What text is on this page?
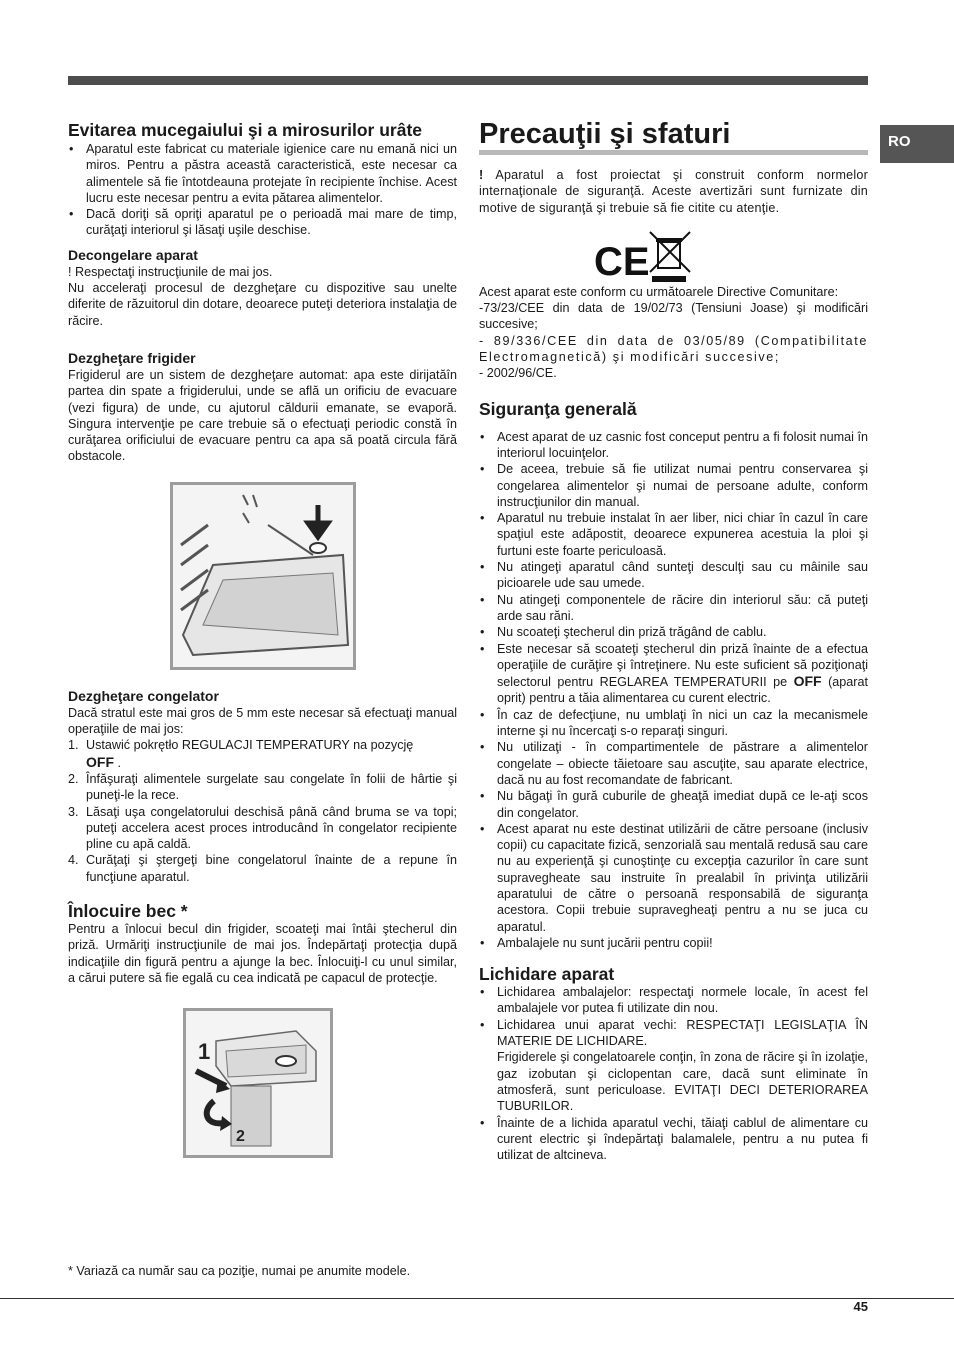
RO
Evitarea mucegaiului şi a mirosurilor urâte
• Aparatul este fabricat cu materiale igienice care nu emană nici un miros. Pentru a păstra această caracteristică, este necesar ca alimentele să fie întotdeauna protejate în recipiente închise. Acest lucru este necesar pentru a evita pătarea alimentelor.
• Dacă doriţi să opriţi aparatul pe o perioadă mai mare de timp, curăţaţi interiorul şi lăsaţi uşile deschise.
Decongelare aparat

! Respectaţi instrucţiunile de mai jos.

Nu acceleraţi procesul de dezgheţare cu dispozitive sau unelte diferite de răzuitorul din dotare, deoarece puteţi deteriora instalaţia de răcire.

Dezgheţare frigider

Frigiderul are un sistem de dezgheţare automat: apa este dirijatăîn partea din spate a frigiderului, unde se află un orificiu de evacuare (vezi figura) de unde, cu ajutorul căldurii emanate, se evaporă. Singura intervenţie pe care trebuie să o efectuaţi periodic constă în curăţarea orificiului de evacuare pentru ca apa să poată circula fără obstacole.

Dezgheţare congelator

Dacă stratul este mai gros de 5 mm este necesar să efectuaţi manual operaţiile de mai jos:

1. Ustawić pokrętło REGULACJI TEMPERATURY na pozycję
OFF .
2. Înfăşuraţi alimentele surgelate sau congelate în folii de hârtie şi puneţi-le la rece.
3. Lăsaţi uşa congelatorului deschisă până când bruma se va topi; puteţi accelera acest proces introducând în congelator recipiente pline cu apă caldă.
4. Curăţaţi şi ştergeţi bine congelatorul înainte de a repune în funcţiune aparatul.
Înlocuire bec *

Pentru a înlocui becul din frigider, scoateţi mai întâi ştecherul din priză. Urmăriţi instrucţiunile de mai jos. Îndepărtaţi protecţia după indicaţiile din figură pentru a ajunge la bec. Înlocuiţi-l cu unul similar, a cărui putere să fie egală cu cea indicată pe capacul de protecţie.

1
2
Precauţii şi sfaturi

! Aparatul a fost proiectat şi construit conform normelor internaţionale de siguranţă. Aceste avertizări sunt furnizate din motive de siguranţă şi trebuie să fie citite cu atenţie.

CE

Acest aparat este conform cu următoarele Directive Comunitare:

-73/23/CEE din data de 19/02/73 (Tensiuni Joase) şi modificări succesive;

- 89/336/CEE din data de 03/05/89 (Compatibilitate Electromagnetică) şi modificări succesive;

- 2002/96/CE.

Siguranţa generală
• Acest aparat de uz casnic fost conceput pentru a fi folosit numai în interiorul locuinţelor.
• De aceea, trebuie să fie utilizat numai pentru conservarea şi congelarea alimentelor şi numai de persoane adulte, conform instrucţiunilor din manual.
• Aparatul nu trebuie instalat în aer liber, nici chiar în cazul în care spaţiul este adăpostit, deoarece expunerea acestuia la ploi şi furtuni este foarte periculoasă.
• Nu atingeţi aparatul când sunteţi desculţi sau cu mâinile sau picioarele ude sau umede.
• Nu atingeţi componentele de răcire din interiorul său: că puteţi arde sau răni.
• Nu scoateţi ştecherul din priză trăgând de cablu.
• Este necesar să scoateţi ştecherul din priză înainte de a efectua operaţiile de curăţire şi întreţinere. Nu este suficient să poziţionaţi selectorul pentru REGLAREA TEMPERATURII pe OFF (aparat oprit) pentru a tăia alimentarea cu curent electric.
• În caz de defecţiune, nu umblaţi în nici un caz la mecanismele interne şi nu încercaţi s-o reparaţi singuri.
• Nu utilizaţi - în compartimentele de păstrare a alimentelor congelate – obiecte tăietoare sau ascuţite, sau aparate electrice, dacă nu au fost recomandate de fabricant.
• Nu băgaţi în gură cuburile de gheaţă imediat după ce le-aţi scos din congelator.
• Acest aparat nu este destinat utilizării de către persoane (inclusiv copii) cu capacitate fizică, senzorială sau mentală redusă sau care nu au experienţă şi cunoştinţe cu excepţia cazurilor în care sunt supravegheate sau instruite în prealabil în privinţa utilizării aparatului de către o persoană responsabilă de siguranţa acestora. Copii trebuie supravegheaţi pentru a nu se juca cu aparatul.
• Ambalajele nu sunt jucării pentru copii!
Lichidare aparat
• Lichidarea ambalajelor: respectaţi normele locale, în acest fel ambalajele vor putea fi utilizate din nou.

• Lichidarea unui aparat vechi: RESPECTAŢI LEGISLAŢIA ÎN MATERIE DE LICHIDARE.

Frigiderele şi congelatoarele conţin, în zona de răcire şi în izolaţie, gaz izobutan şi ciclopentan care, dacă sunt eliminate în atmosferă, sunt periculoase. EVITAŢI DECI DETERIORAREA TUBURILOR.

• Înainte de a lichida aparatul vechi, tăiaţi cablul de alimentare cu curent electric şi îndepărtaţi balamalele, pentru a nu putea fi utilizat de altcineva.
* Variază ca număr sau ca poziţie, numai pe anumite modele.
45
